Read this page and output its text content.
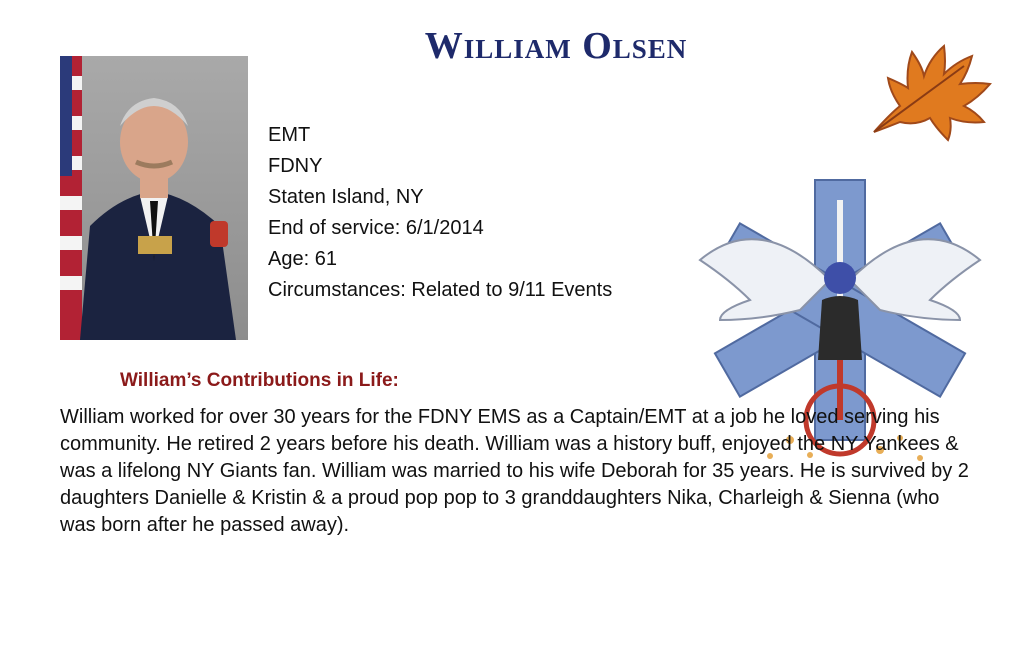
William Olsen
EMT
FDNY
Staten Island, NY
End of service: 6/1/2014
Age: 61
Circumstances: Related to 9/11 Events
William’s Contributions in Life:

William worked for over 30 years for the FDNY EMS as a Captain/EMT at a job he loved serving his community. He retired 2 years before his death. William was a history buff, enjoyed the NY Yankees & was a lifelong NY Giants fan. William was married to his wife Deborah for 35 years. He is survived by 2 daughters Danielle & Kristin & a proud pop pop to 3 granddaughters Nika, Charleigh & Sienna (who was born after he passed away).
